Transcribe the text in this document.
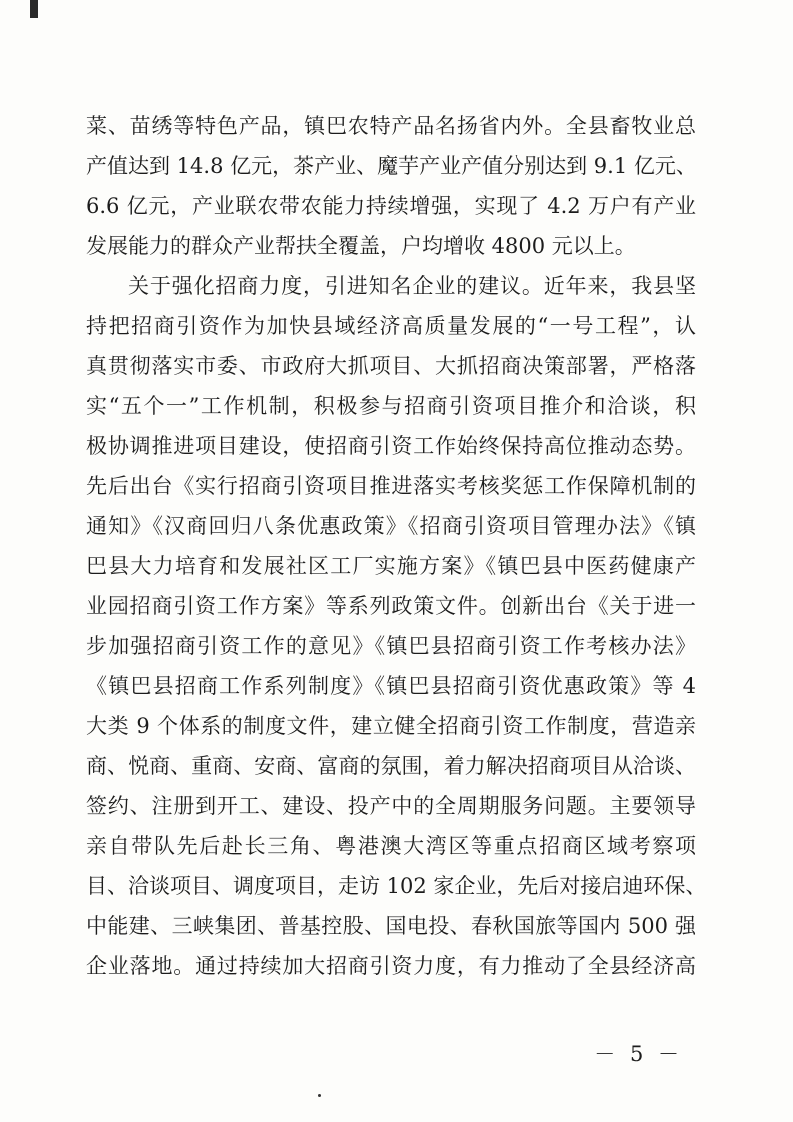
菜、苗绣等特色产品，镇巴农特产品名扬省内外。全县畜牧业总
产值达到 14.8 亿元，茶产业、魔芋产业产值分别达到 9.1 亿元、
6.6 亿元，产业联农带农能力持续增强，实现了 4.2 万户有产业
发展能力的群众产业帮扶全覆盖，户均增收 4800 元以上。
关于强化招商力度，引进知名企业的建议。近年来，我县坚
持把招商引资作为加快县域经济高质量发展的“一号工程”，认
真贯彻落实市委、市政府大抓项目、大抓招商决策部署，严格落
实“五个一”工作机制，积极参与招商引资项目推介和洽谈，积
极协调推进项目建设，使招商引资工作始终保持高位推动态势。
先后出台《实行招商引资项目推进落实考核奖惩工作保障机制的
通知》《汉商回归八条优惠政策》《招商引资项目管理办法》《镇
巴县大力培育和发展社区工厂实施方案》《镇巴县中医药健康产
业园招商引资工作方案》等系列政策文件。创新出台《关于进一
步加强招商引资工作的意见》《镇巴县招商引资工作考核办法》
《镇巴县招商工作系列制度》《镇巴县招商引资优惠政策》等 4
大类 9 个体系的制度文件，建立健全招商引资工作制度，营造亲
商、悦商、重商、安商、富商的氛围，着力解决招商项目从洽谈、
签约、注册到开工、建设、投产中的全周期服务问题。主要领导
亲自带队先后赴长三角、粤港澳大湾区等重点招商区域考察项
目、洽谈项目、调度项目，走访 102 家企业，先后对接启迪环保、
中能建、三峡集团、普基控股、国电投、春秋国旅等国内 500 强
企业落地。通过持续加大招商引资力度，有力推动了全县经济高
－ 5 －
